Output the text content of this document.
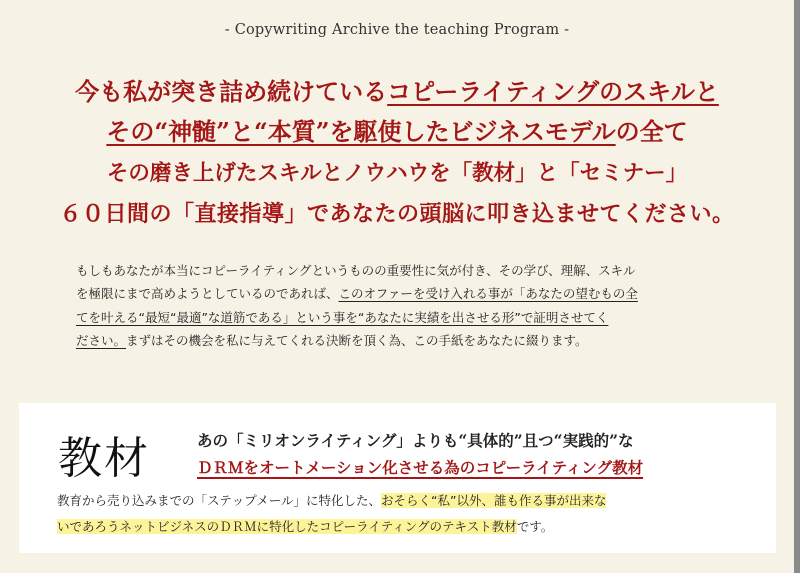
- Copywriting Archive the teaching Program -
今も私が突き詰め続けているコピーライティングのスキルと
その“神髄”と“本質”を駆使したビジネスモデルの全て
その磨き上げたスキルとノウハウを「教材」と「セミナー」
６０日間の「直接指導」であなたの頭脳に叩き込ませてください。
もしもあなたが本当にコピーライティングというものの重要性に気が付き、その学び、理解、スキル
を極限にまで高めようとしているのであれば、このオファーを受け入れる事が「あなたの望むもの全
てを叶える“最短“最適”な道筋である」という事を“あなたに実績を出させる形”で証明させてく
ださい。まずはその機会を私に与えてくれる決断を頂く為、この手紙をあなたに綴ります。
教材	あの「ミリオンライティング」よりも“具体的”且つ“実践的”な
ＤＲＭをオートメーション化させる為のコピーライティング教材
教育から売り込みまでの「ステップメール」に特化した、おそらく“私”以外、誰も作る事が出来な
いであろうネットビジネスのＤＲＭに特化したコピーライティングのテキスト教材です。
